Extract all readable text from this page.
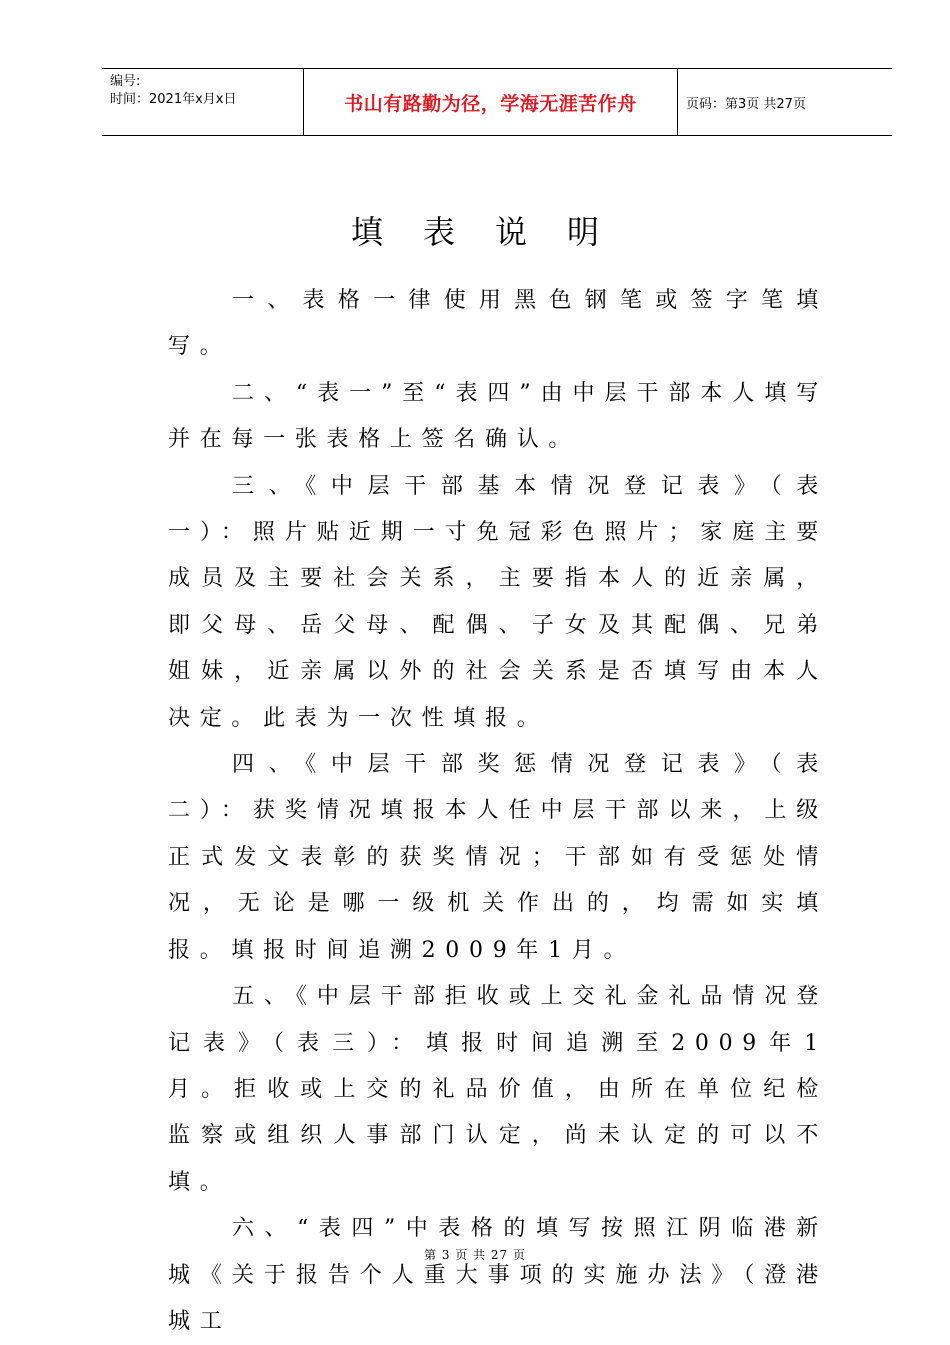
编号:
时间：2021年x月x日	书山有路勤为径，学海无涯苦作舟	页码：第3页 共27页
填表说明

一、表格一律使用黑色钢笔或签字笔填写。

二、“表一”至“表四”由中层干部本人填写并在每一张表格上签名确认。

三、《中层干部基本情况登记表》（表一）：照片贴近期一寸免冠彩色照片；家庭主要成员及主要社会关系，主要指本人的近亲属，即父母、岳父母、配偶、子女及其配偶、兄弟姐妹，近亲属以外的社会关系是否填写由本人决定。此表为一次性填报。

四、《中层干部奖惩情况登记表》（表二）：获奖情况填报本人任中层干部以来，上级正式发文表彰的获奖情况；干部如有受惩处情况，无论是哪一级机关作出的，均需如实填报。填报时间追溯2009年1月。

五、《中层干部拒收或上交礼金礼品情况登记表》（表三）：填报时间追溯至2009年1月。拒收或上交的礼品价值，由所在单位纪检监察或组织人事部门认定，尚未认定的可以不填。

六、“表四”中表格的填写按照江阴临港新城《关于报告个人重大事项的实施办法》（澄港城工

第 3 页 共 27 页
